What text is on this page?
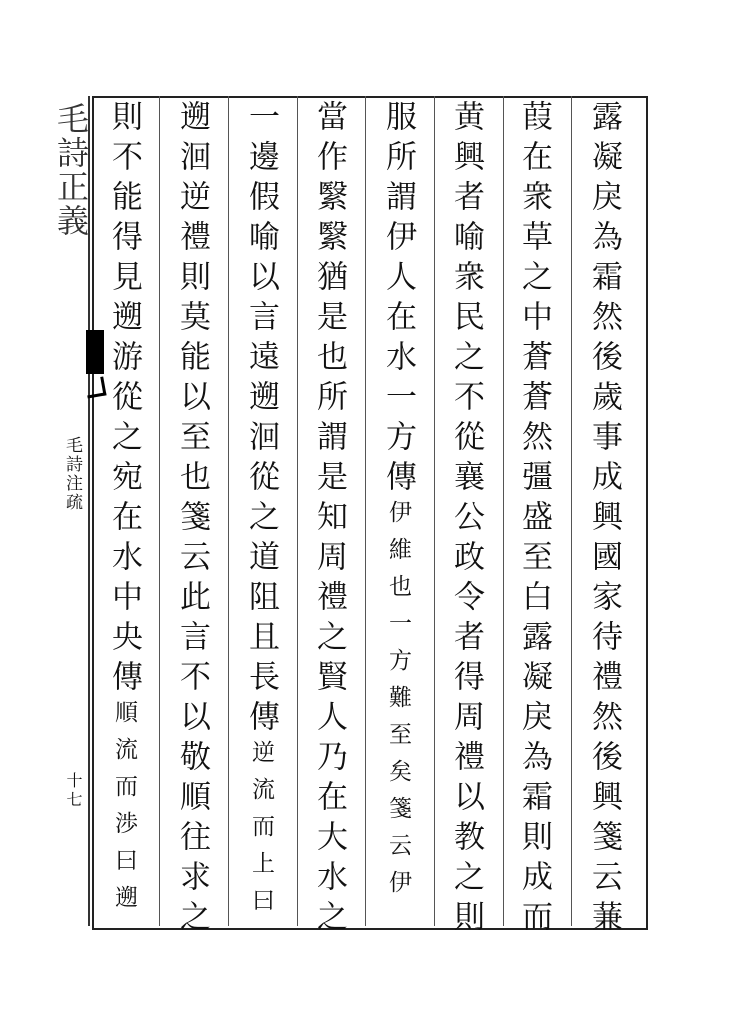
毛詩正義
毛詩注疏
十七	露凝戾為霜然後歲事成興國家待禮然後興箋云蒹
葭在衆草之中蒼蒼然彊盛至白露凝戾為霜則成而
黄興者喻衆民之不從襄公政令者得周禮以教之則
服所謂伊人在水一方傳伊維也一方難至矣箋云伊
當作繄繄猶是也所謂是知周禮之賢人乃在大水之
一邊假喻以言遠遡洄從之道阻且長傳逆流而上曰
遡洄逆禮則莫能以至也箋云此言不以敬順往求之
則不能得見遡游從之宛在水中央傳順流而渉曰遡
